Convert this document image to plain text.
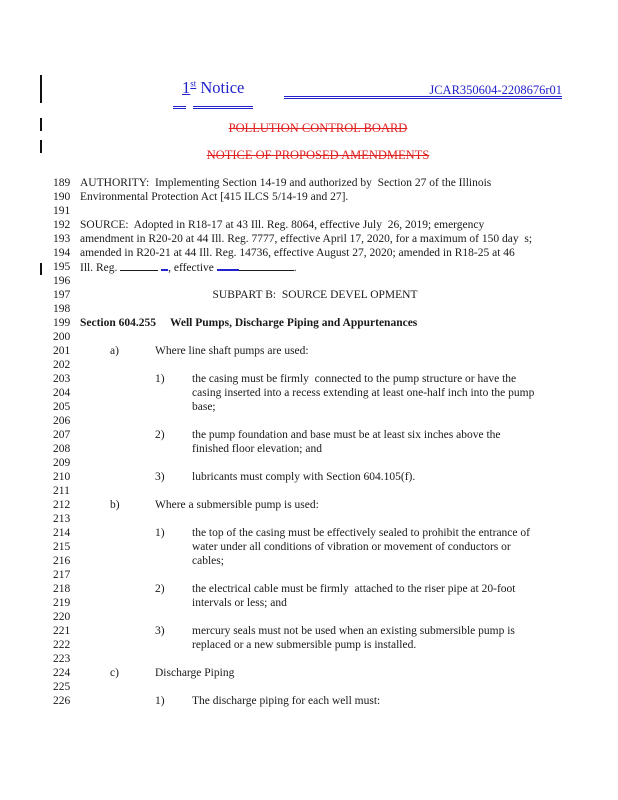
1st Notice	JCAR350604-2208676r01
POLLUTION CONTROL BOARD
NOTICE OF PROPOSED AMENDMENTS
189 AUTHORITY:  Implementing Section 14-19 and authorized by  Section 27 of the Illinois
190 Environmental Protection Act [415 ILCS 5/14-19 and 27].
191
192 SOURCE:  Adopted in R18-17 at 43 Ill. Reg. 8064, effective July  26, 2019; emergency
193 amendment in R20-20 at 44 Ill. Reg. 7777, effective April 17, 2020, for a maximum of 150 day  s;
194 amended in R20-21 at 44 Ill. Reg. 14736, effective August 27, 2020; amended in R18-25 at 46
195 Ill. Reg.	, effective	.
196
197	SUBPART B:  SOURCE DEVEL OPMENT
198
199 Section 604.255 Well Pumps, Discharge Piping and Appurtenances
200
201	a)	Where line shaft pumps are used:
202
203	1) the casing must be firmly  connected to the pump structure or have the
204	casing inserted into a recess extending at least one-half inch into the pump
205	base;
206
207	2) the pump foundation and base must be at least six inches above the
208	finished floor elevation; and
209
210	3) lubricants must comply with Section 604.105(f).
211
212	b)	Where a submersible pump is used:
213
214	1) the top of the casing must be effectively sealed to prohibit the entrance of
215	water under all conditions of vibration or movement of conductors or
216	cables;
217
218	2) the electrical cable must be firmly  attached to the riser pipe at 20-foot
219	intervals or less; and
220
221	3) mercury seals must not be used when an existing submersible pump is
222	replaced or a new submersible pump is installed.
223
224	c)	Discharge Piping
225
226	1) The discharge piping for each well must:
